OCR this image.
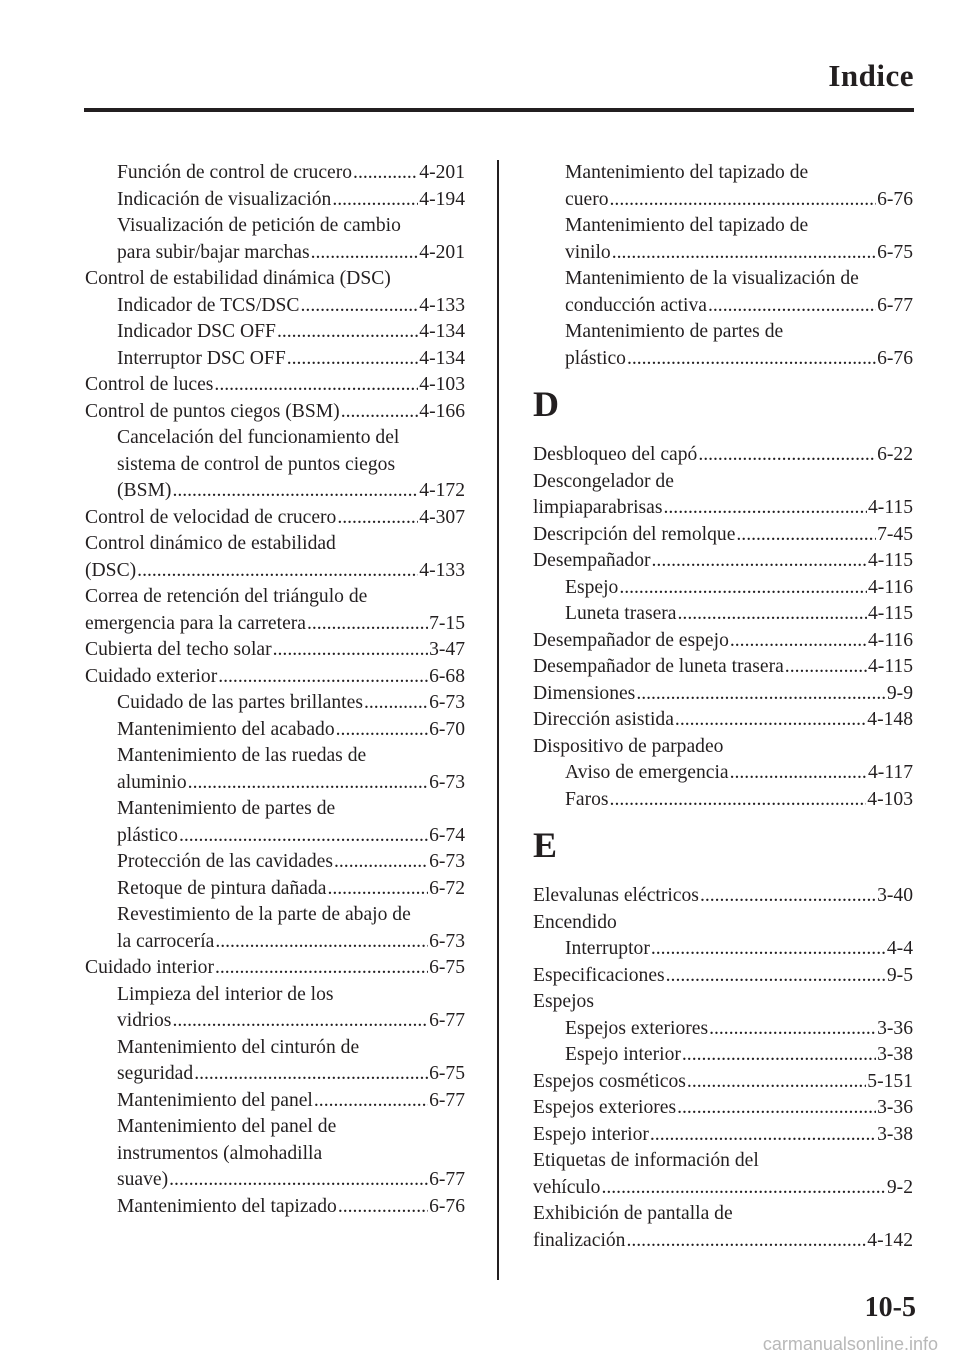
Indice
Función de control de crucero .....	4-201
Indicación de visualización .....	4-194
Visualización de petición de cambio
para subir/bajar marchas .....	4-201
Control de estabilidad dinámica (DSC)
Indicador de TCS/DSC .....	4-133
Indicador DSC OFF .....	4-134
Interruptor DSC OFF .....	4-134
Control de luces .....	4-103
Control de puntos ciegos (BSM) .....	4-166
Cancelación del funcionamiento del
sistema de control de puntos ciegos
(BSM) .....	4-172
Control de velocidad de crucero .....	4-307
Control dinámico de estabilidad
(DSC) .....	4-133
Correa de retención del triángulo de
emergencia para la carretera .....	7-15
Cubierta del techo solar .....	3-47
Cuidado exterior .....	6-68
Cuidado de las partes brillantes .....	6-73
Mantenimiento del acabado .....	6-70
Mantenimiento de las ruedas de
aluminio .....	6-73
Mantenimiento de partes de
plástico .....	6-74
Protección de las cavidades .....	6-73
Retoque de pintura dañada .....	6-72
Revestimiento de la parte de abajo de
la carrocería .....	6-73
Cuidado interior .....	6-75
Limpieza del interior de los
vidrios .....	6-77
Mantenimiento del cinturón de
seguridad .....	6-75
Mantenimiento del panel .....	6-77
Mantenimiento del panel de
instrumentos (almohadilla
suave) .....	6-77
Mantenimiento del tapizado .....	6-76
Mantenimiento del tapizado de
cuero .....	6-76
Mantenimiento del tapizado de
vinilo .....	6-75
Mantenimiento de la visualización de
conducción activa .....	6-77
Mantenimiento de partes de
plástico .....	6-76
D
Desbloqueo del capó .....	6-22
Descongelador de
limpiaparabrisas .....	4-115
Descripción del remolque .....	7-45
Desempañador .....	4-115
Espejo .....	4-116
Luneta trasera .....	4-115
Desempañador de espejo .....	4-116
Desempañador de luneta trasera .....	4-115
Dimensiones .....	9-9
Dirección asistida .....	4-148
Dispositivo de parpadeo
Aviso de emergencia .....	4-117
Faros .....	4-103
E
Elevalunas eléctricos .....	3-40
Encendido
Interruptor .....	4-4
Especificaciones .....	9-5
Espejos
Espejos exteriores .....	3-36
Espejo interior .....	3-38
Espejos cosméticos .....	5-151
Espejos exteriores .....	3-36
Espejo interior .....	3-38
Etiquetas de información del
vehículo .....	9-2
Exhibición de pantalla de
finalización .....	4-142
10-5
carmanualsonline.info
